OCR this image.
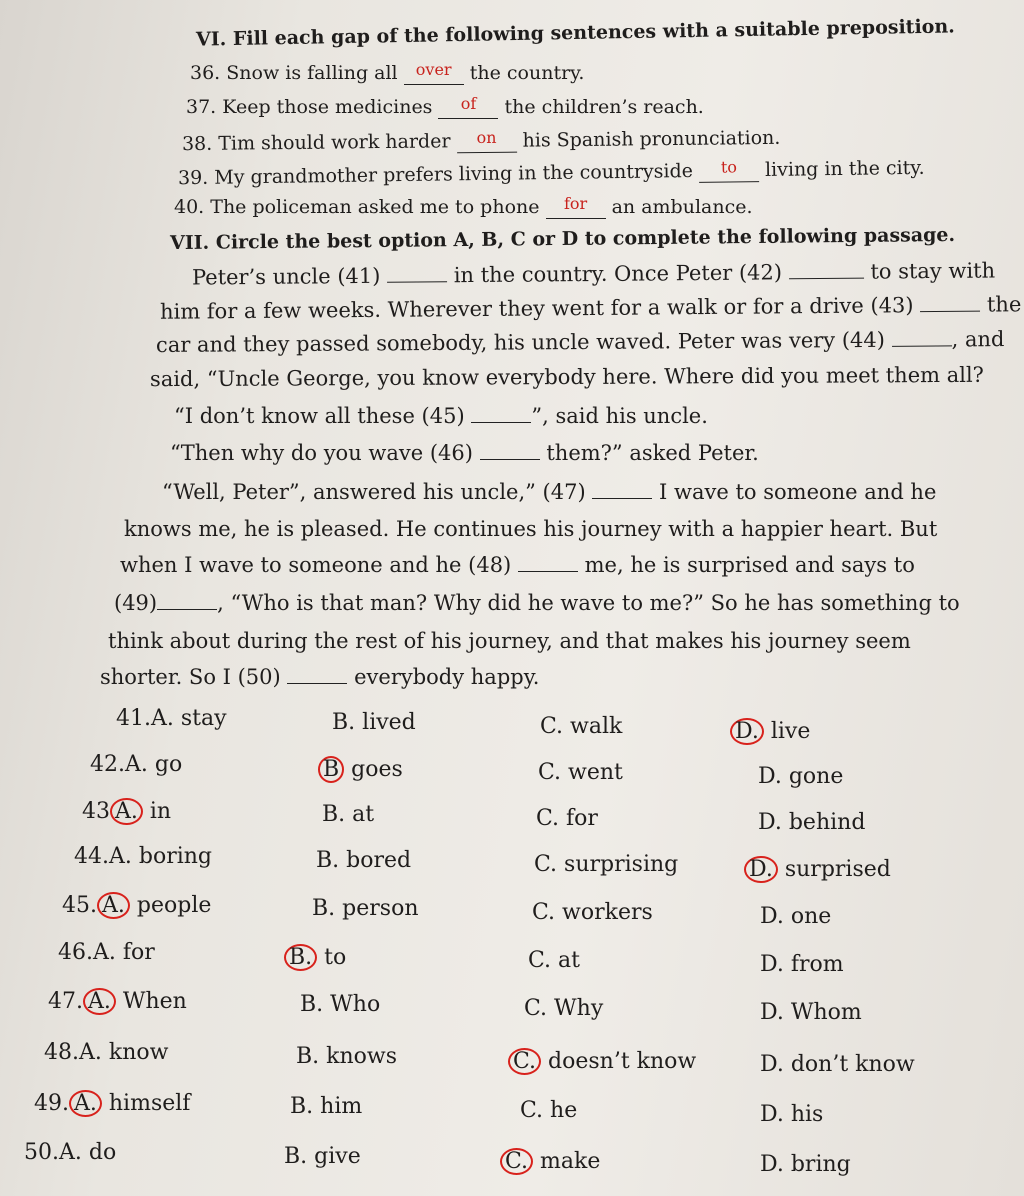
VI. Fill each gap of the following sentences with a suitable preposition.
36. Snow is falling all $^{over}$ the country.
37. Keep those medicines $^{of}$ the children’s reach.
38. Tim should work harder $^{on}$ his Spanish pronunciation.
39. My grandmother prefers living in the countryside $^{to}$ living in the city.
40. The policeman asked me to phone $^{for}$ an ambulance.
VII. Circle the best option A, B, C or D to complete the following passage.
Peter’s uncle (41)	in the country. Once Peter (42)	to stay with
him for a few weeks. Wherever they went for a walk or for a drive (43)	the
car and they passed somebody, his uncle waved. Peter was very (44)	, and
said, “Uncle George, you know everybody here. Where did you meet them all?
“I don’t know all these (45)	”, said his uncle.
“Then why do you wave (46)	them?” asked Peter.
“Well, Peter”, answered his uncle,” (47)	I wave to someone and he
knows me, he is pleased. He continues his journey with a happier heart. But
when I wave to someone and he (48)	me, he is surprised and says to
(49)	, “Who is that man? Why did he wave to me?” So he has something to
think about during the rest of his journey, and that makes his journey seem
shorter. So I (50)	everybody happy.
41.A. stay	B. lived	C. walk	D. live
42.A. go	B goes	C. went	D. gone
43A. in	B. at	C. for	D. behind
44.A. boring	B. bored	C. surprising	D. surprised
45.A. people	B. person	C. workers	D. one
46.A. for	B. to	C. at	D. from
47.A. When	B. Who	C. Why	D. Whom
48.A. know	B. knows	C. doesn’t know	D. don’t know
49.A. himself	B. him	C. he	D. his
50.A. do	B. give	C. make	D. bring
